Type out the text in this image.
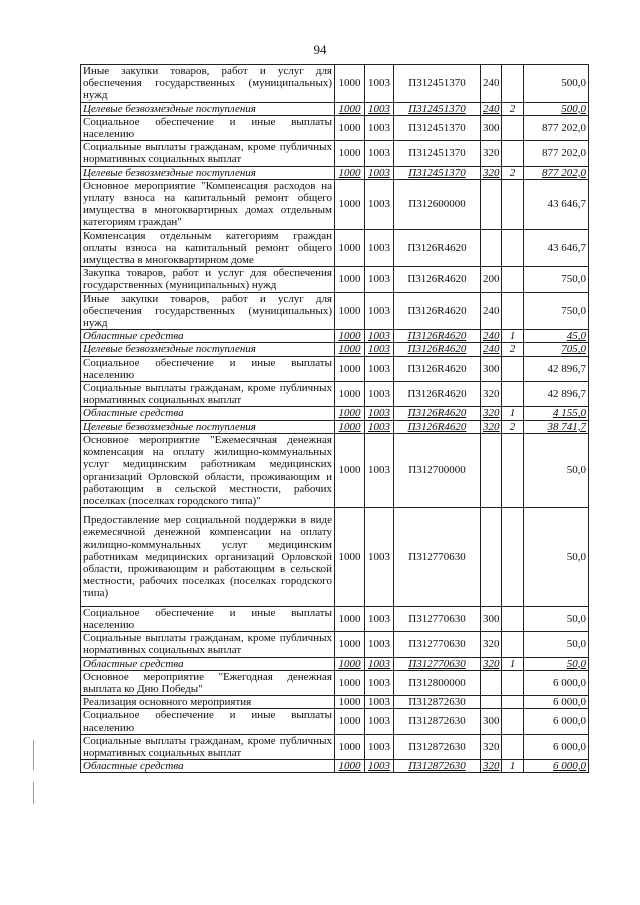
94
Иные закупки товаров, работ и услуг для обеспечения государственных (муниципальных) нужд	1000	1003	П312451370	240		500,0
Целевые безвозмездные поступления	1000	1003	П312451370	240	2	500,0
Социальное обеспечение и иные выплаты населению	1000	1003	П312451370	300		877 202,0
Социальные выплаты гражданам, кроме публичных нормативных социальных выплат	1000	1003	П312451370	320		877 202,0
Целевые безвозмездные поступления	1000	1003	П312451370	320	2	877 202,0
Основное мероприятие "Компенсация расходов на уплату взноса на капитальный ремонт общего имущества в многоквартирных домах отдельным категориям граждан"	1000	1003	П312600000			43 646,7
Компенсация отдельным категориям граждан оплаты взноса на капитальный ремонт общего имущества в многоквартирном доме	1000	1003	П3126R4620			43 646,7
Закупка товаров, работ и услуг для обеспечения государственных (муниципальных) нужд	1000	1003	П3126R4620	200		750,0
Иные закупки товаров, работ и услуг для обеспечения государственных (муниципальных) нужд	1000	1003	П3126R4620	240		750,0
Областные средства	1000	1003	П3126R4620	240	1	45,0
Целевые безвозмездные поступления	1000	1003	П3126R4620	240	2	705,0
Социальное обеспечение и иные выплаты населению	1000	1003	П3126R4620	300		42 896,7
Социальные выплаты гражданам, кроме публичных нормативных социальных выплат	1000	1003	П3126R4620	320		42 896,7
Областные средства	1000	1003	П3126R4620	320	1	4 155,0
Целевые безвозмездные поступления	1000	1003	П3126R4620	320	2	38 741,7
Основное мероприятие "Ежемесячная денежная компенсация на оплату жилищно-коммунальных услуг медицинским работникам медицинских организаций Орловской области, проживающим и работающим в сельской местности, рабочих поселках (поселках городского типа)"	1000	1003	П312700000			50,0
Предоставление мер социальной поддержки в виде ежемесячной денежной компенсации на оплату жилищно-коммунальных услуг медицинским работникам медицинских организаций Орловской области, проживающим и работающим в сельской местности, рабочих поселках (поселках городского типа)	1000	1003	П312770630			50,0
Социальное обеспечение и иные выплаты населению	1000	1003	П312770630	300		50,0
Социальные выплаты гражданам, кроме публичных нормативных социальных выплат	1000	1003	П312770630	320		50,0
Областные средства	1000	1003	П312770630	320	1	50,0
Основное мероприятие "Ежегодная денежная выплата ко Дню Победы"	1000	1003	П312800000			6 000,0
Реализация основного мероприятия	1000	1003	П312872630			6 000,0
Социальное обеспечение и иные выплаты населению	1000	1003	П312872630	300		6 000,0
Социальные выплаты гражданам, кроме публичных нормативных социальных выплат	1000	1003	П312872630	320		6 000,0
Областные средства	1000	1003	П312872630	320	1	6 000,0
